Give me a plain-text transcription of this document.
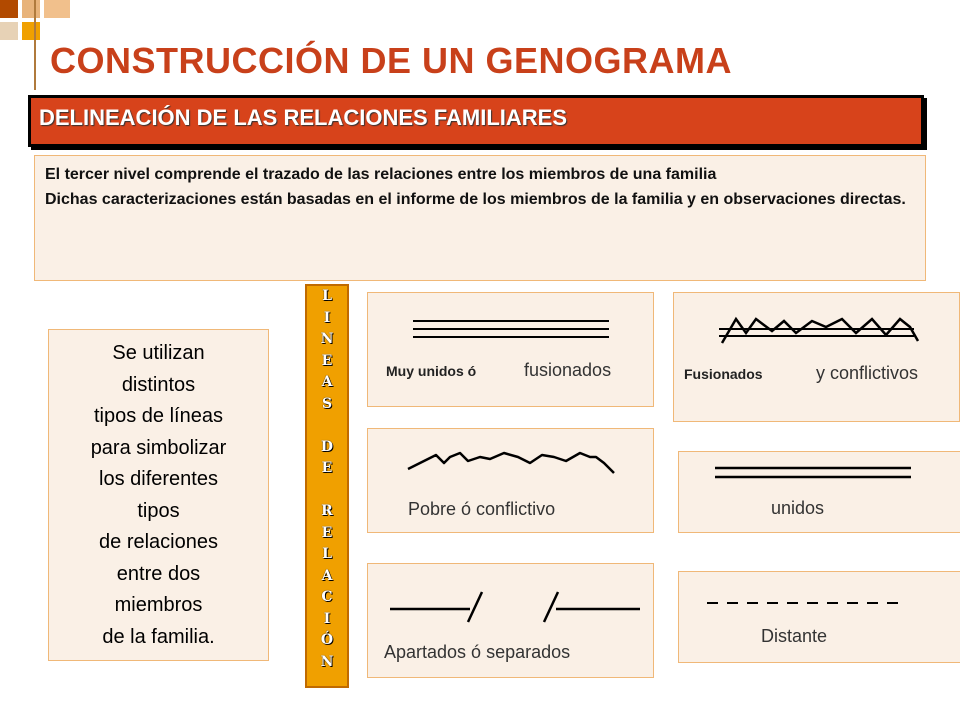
CONSTRUCCIÓN DE UN GENOGRAMA
DELINEACIÓN DE LAS RELACIONES FAMILIARES

El tercer nivel comprende el trazado de las relaciones entre los miembros de una familia

Dichas caracterizaciones están basadas en el informe de los miembros de la familia y en observaciones directas.

Se utilizan
distintos
tipos de líneas
para simbolizar
los diferentes
tipos
de relaciones
entre dos
miembros
de la familia.
L
I
N
E
A
S
D
E
R
E
L
A
C
I
Ó
N
Muy unidos ó	fusionados	Fusionados	y conflictivos
Pobre ó conflictivo	unidos
Apartados ó separados
Distante
